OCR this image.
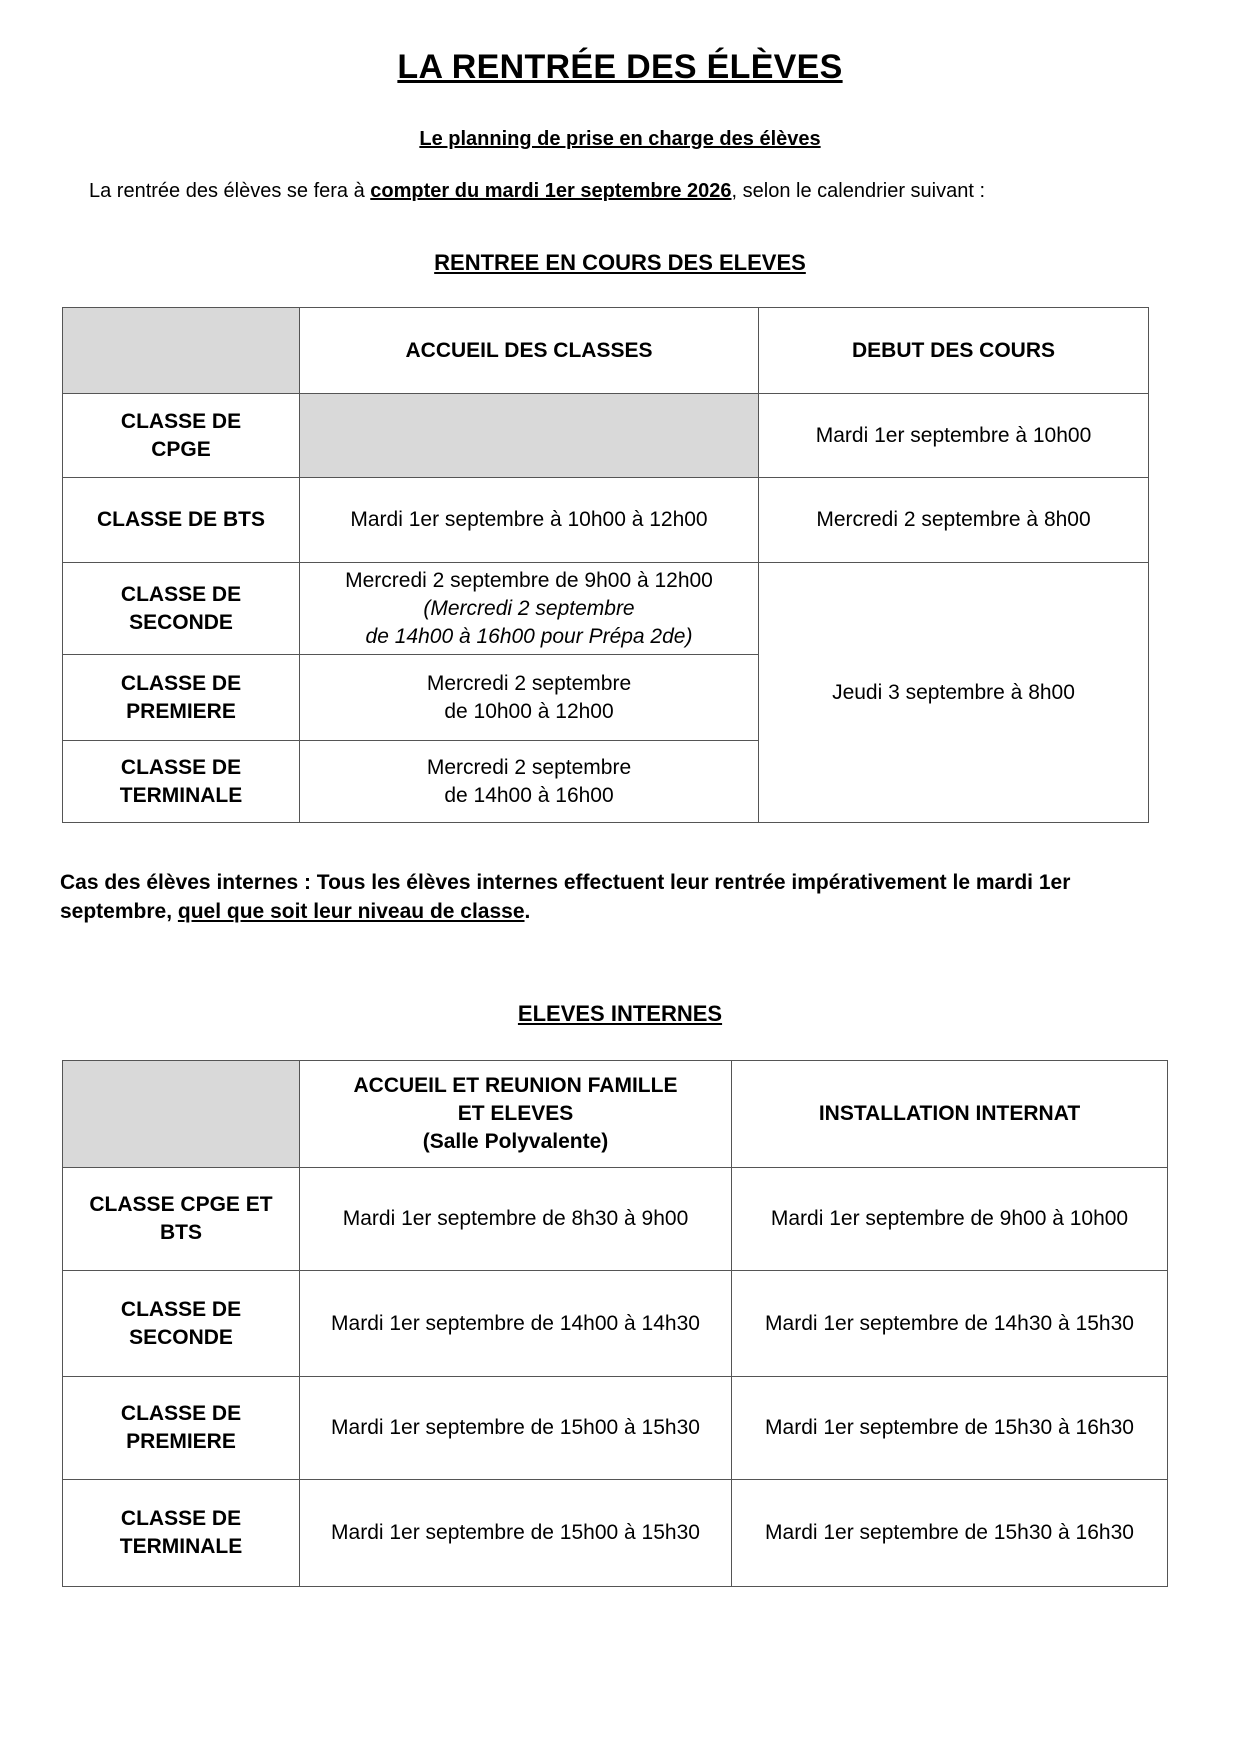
LA RENTRÉE DES ÉLÈVES
Le planning de prise en charge des élèves
La rentrée des élèves se fera à compter du mardi 1er septembre 2026, selon le calendrier suivant :
RENTREE EN COURS DES ELEVES
	ACCUEIL DES CLASSES	DEBUT DES COURS

CLASSE DE
CPGE		Mardi 1er septembre à 10h00

CLASSE DE BTS	Mardi 1er septembre à 10h00 à 12h00	Mercredi 2 septembre à 8h00

CLASSE DE
SECONDE	Mercredi 2 septembre de 9h00 à 12h00
(Mercredi 2 septembre
de 14h00 à 16h00 pour Prépa 2de)	Jeudi 3 septembre à 8h00

CLASSE DE
PREMIERE	Mercredi 2 septembre
de 10h00 à 12h00	

CLASSE DE
TERMINALE	Mercredi 2 septembre
de 14h00 à 16h00	
Cas des élèves internes : Tous les élèves internes effectuent leur rentrée impérativement le mardi 1er septembre, quel que soit leur niveau de classe.
ELEVES INTERNES

	ACCUEIL ET REUNION FAMILLE
ET ELEVES
(Salle Polyvalente)	INSTALLATION INTERNAT

CLASSE CPGE ET
BTS	Mardi 1er septembre de 8h30 à 9h00	Mardi 1er septembre de 9h00 à 10h00

CLASSE DE
SECONDE	Mardi 1er septembre de 14h00 à 14h30	Mardi 1er septembre de 14h30 à 15h30

CLASSE DE
PREMIERE	Mardi 1er septembre de 15h00 à 15h30	Mardi 1er septembre de 15h30 à 16h30

CLASSE DE
TERMINALE	Mardi 1er septembre de 15h00 à 15h30	Mardi 1er septembre de 15h30 à 16h30
